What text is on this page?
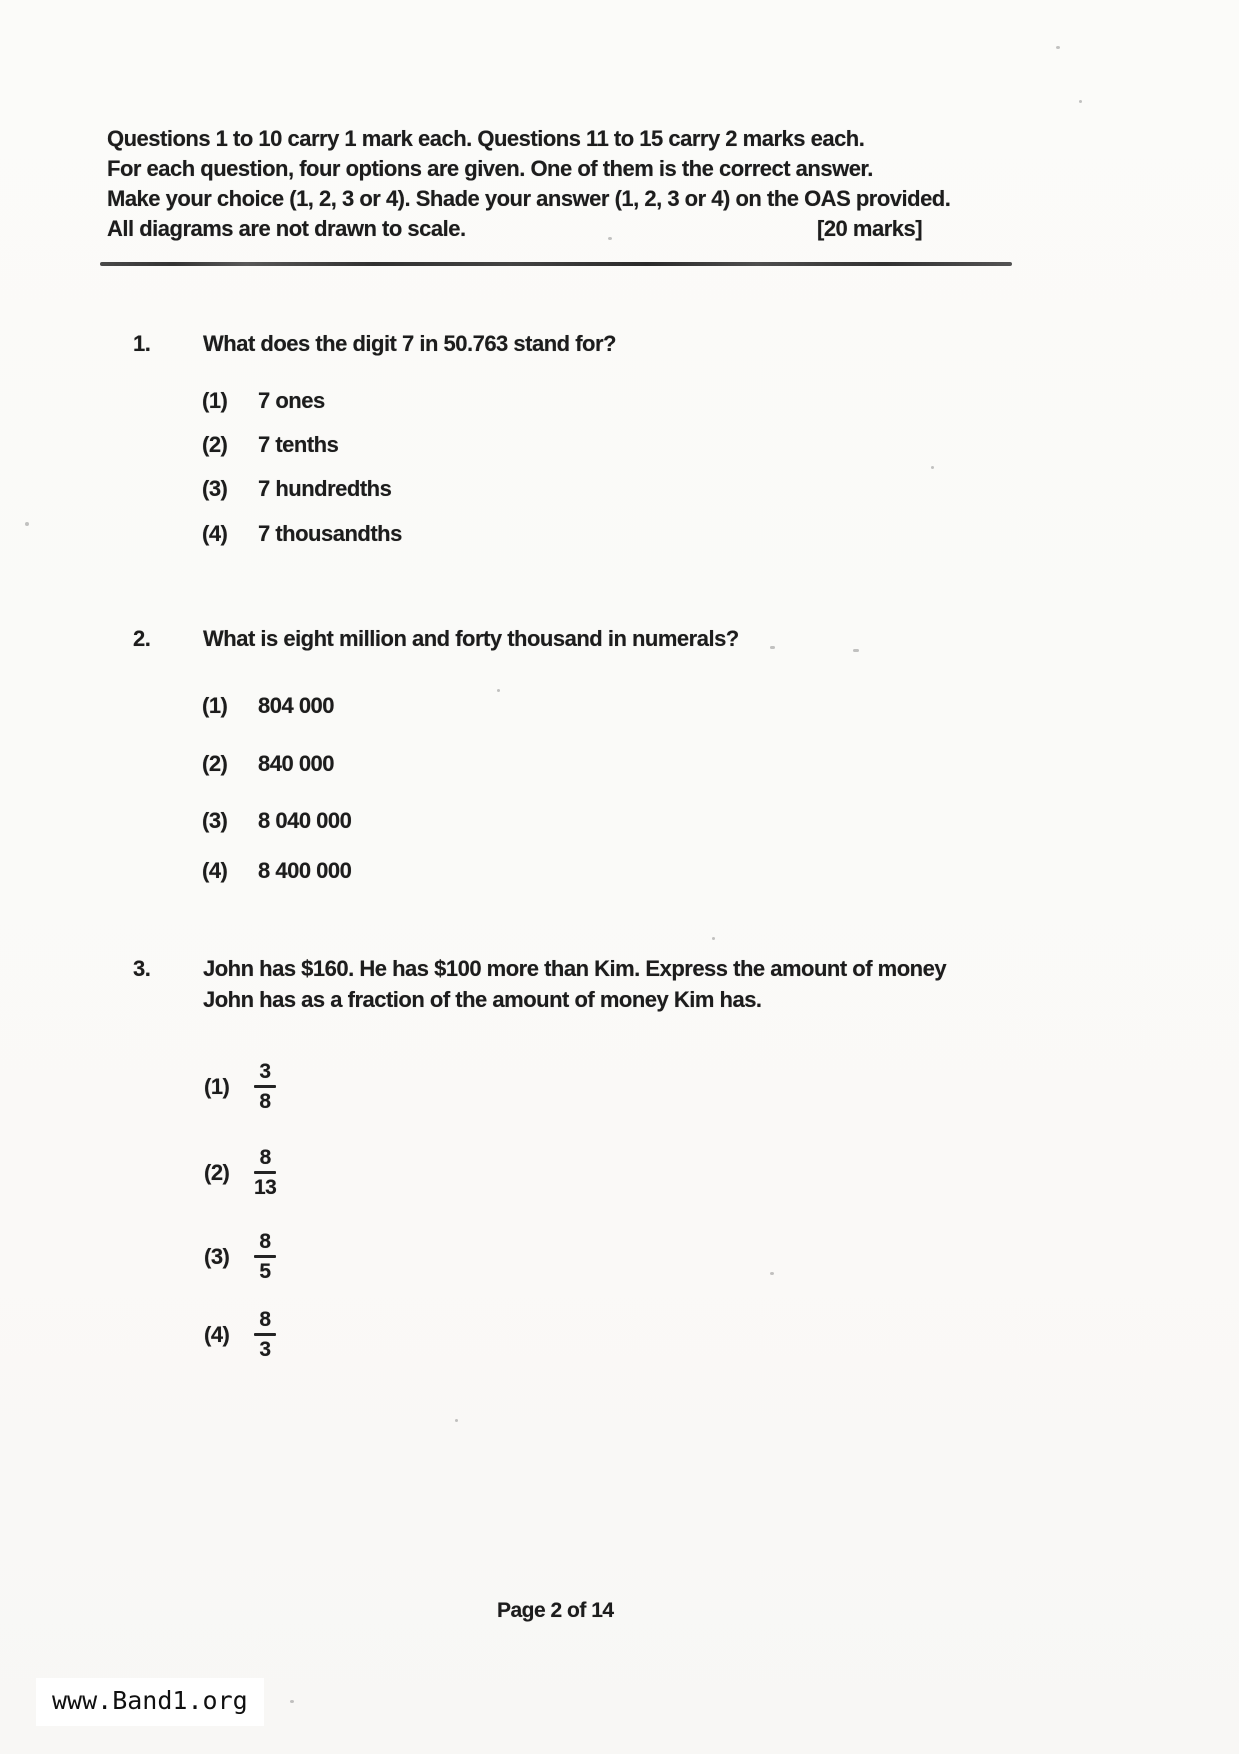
Questions 1 to 10 carry 1 mark each. Questions 11 to 15 carry 2 marks each.
For each question, four options are given. One of them is the correct answer.
Make your choice (1, 2, 3 or 4). Shade your answer (1, 2, 3 or 4) on the OAS provided.
All diagrams are not drawn to scale.	[20 marks]
1. What does the digit 7 in 50.763 stand for?
(1)	7 ones
(2)	7 tenths
(3)	7 hundredths
(4)	7 thousandths
2. What is eight million and forty thousand in numerals?
(1)	804 000
(2)	840 000
(3)	8 040 000
(4)	8 400 000
3. John has $160. He has $100 more than Kim. Express the amount of money
John has as a fraction of the amount of money Kim has.
(1)	$\frac{3}{8}$
(2)	$\frac{8}{13}$
(3)	$\frac{8}{5}$
(4)	$\frac{8}{3}$
Page 2 of 14
www.Band1.org
